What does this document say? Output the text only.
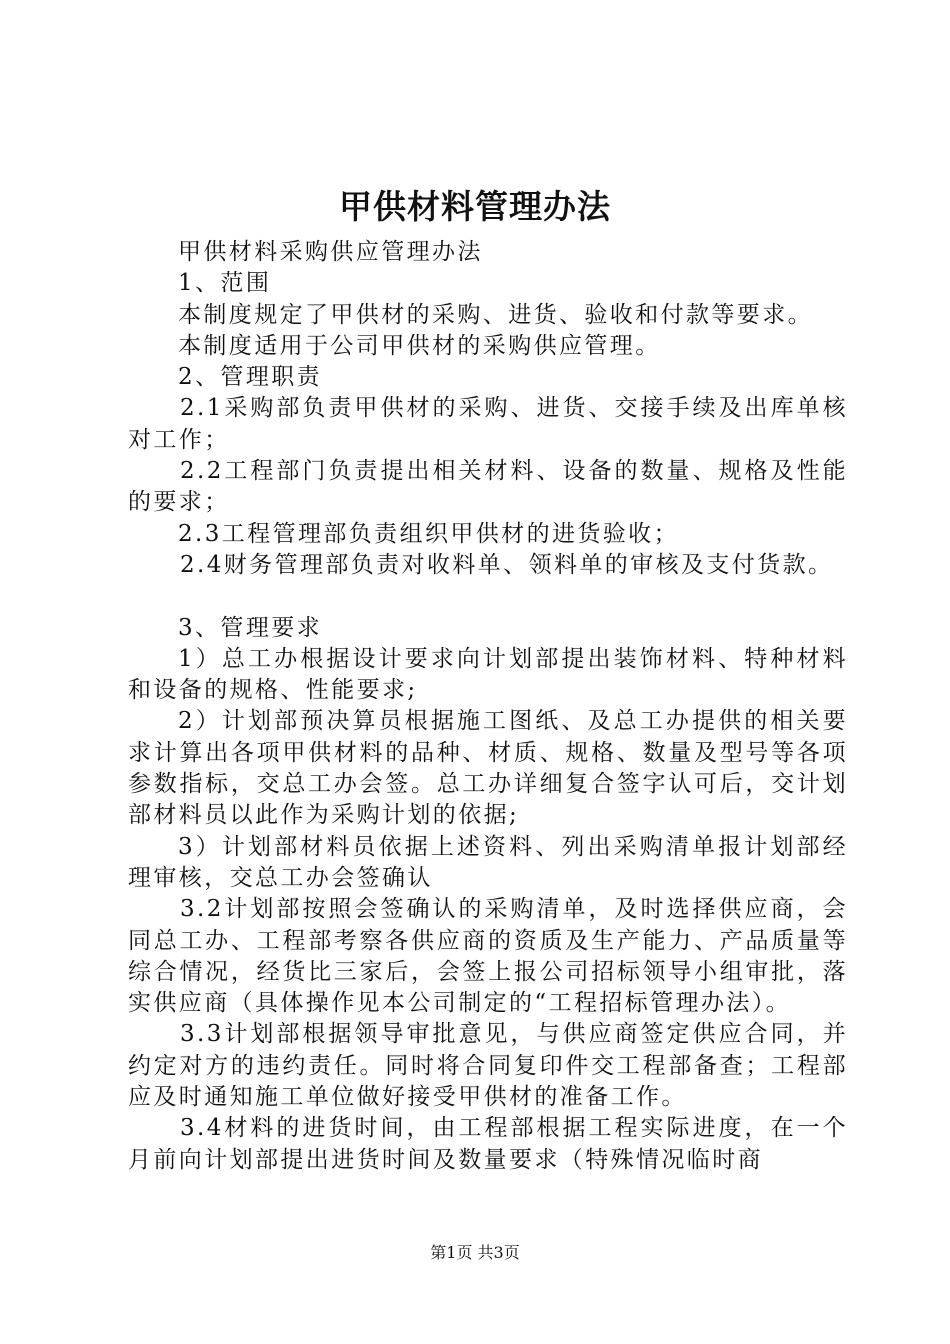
甲供材料管理办法

甲供材料采购供应管理办法

1、范围

本制度规定了甲供材的采购、进货、验收和付款等要求。

本制度适用于公司甲供材的采购供应管理。

2、管理职责

2.1采购部负责甲供材的采购、进货、交接手续及出库单核对工作；

2.2工程部门负责提出相关材料、设备的数量、规格及性能的要求；

2.3工程管理部负责组织甲供材的进货验收；

2.4财务管理部负责对收料单、领料单的审核及支付货款。

3、管理要求

1）总工办根据设计要求向计划部提出装饰材料、特种材料和设备的规格、性能要求;

2）计划部预决算员根据施工图纸、及总工办提供的相关要求计算出各项甲供材料的品种、材质、规格、数量及型号等各项参数指标，交总工办会签。总工办详细复合签字认可后，交计划部材料员以此作为采购计划的依据;

3）计划部材料员依据上述资料、列出采购清单报计划部经理审核，交总工办会签确认

3.2计划部按照会签确认的采购清单，及时选择供应商，会同总工办、工程部考察各供应商的资质及生产能力、产品质量等综合情况，经货比三家后，会签上报公司招标领导小组审批，落实供应商（具体操作见本公司制定的“工程招标管理办法）。

3.3计划部根据领导审批意见，与供应商签定供应合同，并约定对方的违约责任。同时将合同复印件交工程部备查；工程部应及时通知施工单位做好接受甲供材的准备工作。

3.4材料的进货时间，由工程部根据工程实际进度，在一个月前向计划部提出进货时间及数量要求（特殊情况临时商

第1页 共3页
